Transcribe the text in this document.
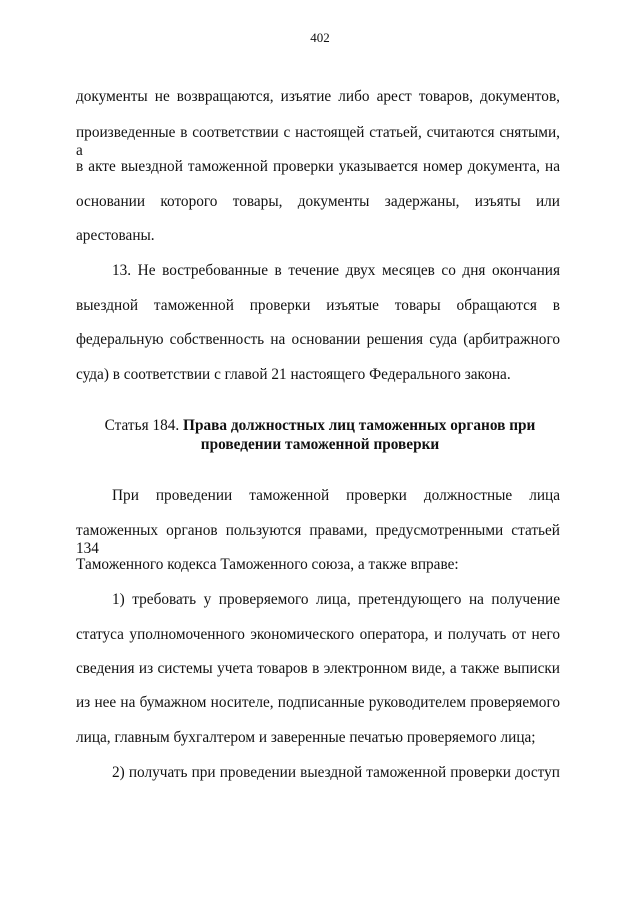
402
документы не возвращаются, изъятие либо арест товаров, документов,
произведенные в соответствии с настоящей статьей, считаются снятыми, а
в акте выездной таможенной проверки указывается номер документа, на
основании которого товары, документы задержаны, изъяты или
арестованы.
13. Не востребованные в течение двух месяцев со дня окончания
выездной таможенной проверки изъятые товары обращаются в
федеральную собственность на основании решения суда (арбитражного
суда) в соответствии с главой 21 настоящего Федерального закона.
Статья 184. Права должностных лиц таможенных органов при
проведении таможенной проверки
При проведении таможенной проверки должностные лица
таможенных органов пользуются правами, предусмотренными статьей 134
Таможенного кодекса Таможенного союза, а также вправе:
1) требовать у проверяемого лица, претендующего на получение
статуса уполномоченного экономического оператора, и получать от него
сведения из системы учета товаров в электронном виде, а также выписки
из нее на бумажном носителе, подписанные руководителем проверяемого
лица, главным бухгалтером и заверенные печатью проверяемого лица;
2) получать при проведении выездной таможенной проверки доступ
